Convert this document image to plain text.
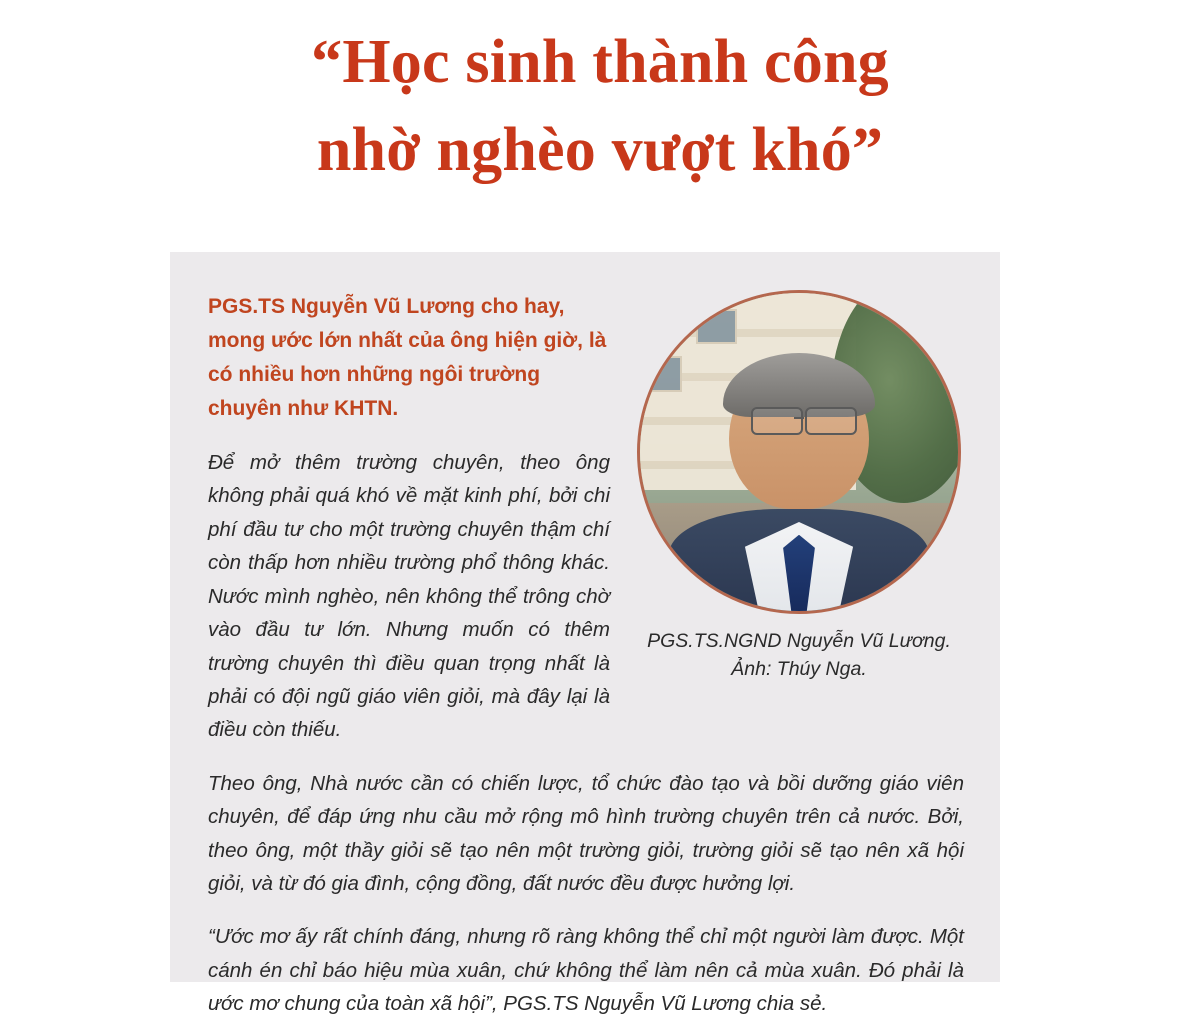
“Học sinh thành công
nhờ nghèo vượt khó”
PGS.TS.NGND Nguyễn Vũ Lương.
Ảnh: Thúy Nga.

PGS.TS Nguyễn Vũ Lương cho hay, mong ước lớn nhất của ông hiện giờ, là có nhiều hơn những ngôi trường chuyên như KHTN.

Để mở thêm trường chuyên, theo ông không phải quá khó về mặt kinh phí, bởi chi phí đầu tư cho một trường chuyên thậm chí còn thấp hơn nhiều trường phổ thông khác. Nước mình nghèo, nên không thể trông chờ vào đầu tư lớn. Nhưng muốn có thêm trường chuyên thì điều quan trọng nhất là phải có đội ngũ giáo viên giỏi, mà đây lại là điều còn thiếu.

Theo ông, Nhà nước cần có chiến lược, tổ chức đào tạo và bồi dưỡng giáo viên chuyên, để đáp ứng nhu cầu mở rộng mô hình trường chuyên trên cả nước. Bởi, theo ông, một thầy giỏi sẽ tạo nên một trường giỏi, trường giỏi sẽ tạo nên xã hội giỏi, và từ đó gia đình, cộng đồng, đất nước đều được hưởng lợi.

“Ước mơ ấy rất chính đáng, nhưng rõ ràng không thể chỉ một người làm được. Một cánh én chỉ báo hiệu mùa xuân, chứ không thể làm nên cả mùa xuân. Đó phải là ước mơ chung của toàn xã hội”, PGS.TS Nguyễn Vũ Lương chia sẻ.
